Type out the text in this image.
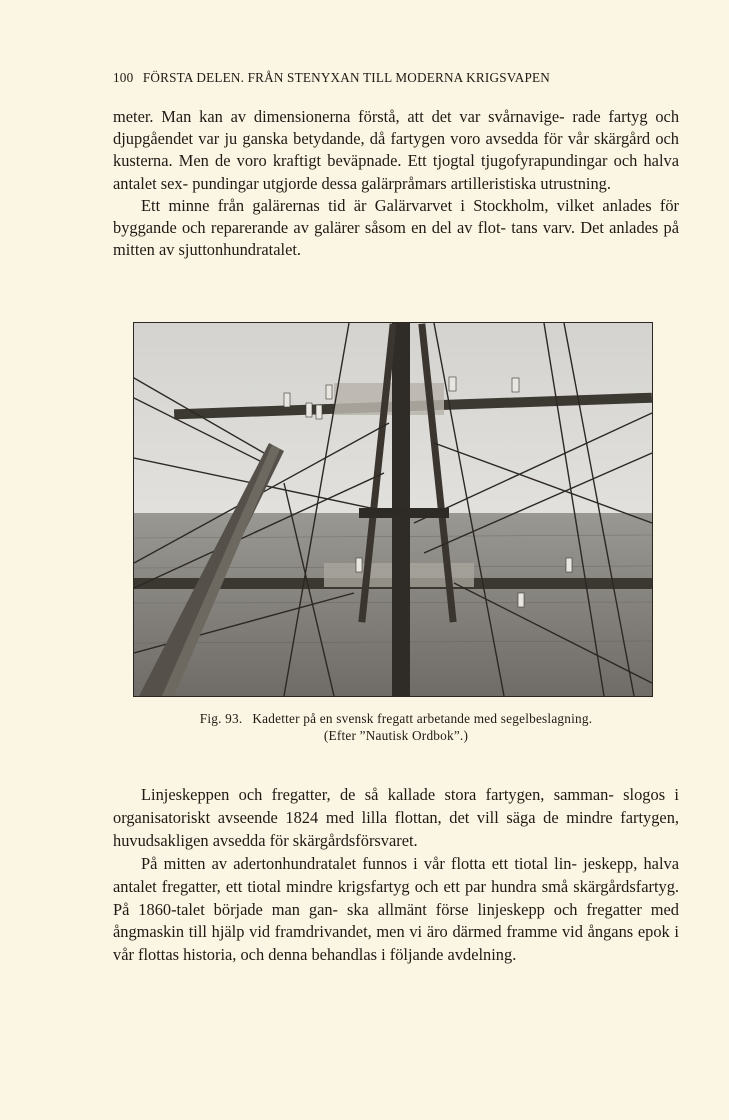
100 FÖRSTA DELEN. FRÅN STENYXAN TILL MODERNA KRIGSVAPEN

meter. Man kan av dimensionerna förstå, att det var svårnavige- rade fartyg och djupgåendet var ju ganska betydande, då fartygen voro avsedda för vår skärgård och kusterna. Men de voro kraftigt beväpnade. Ett tjogtal tjugofyrapundingar och halva antalet sex- pundingar utgjorde dessa galärpråmars artilleristiska utrustning.

Ett minne från galärernas tid är Galärvarvet i Stockholm, vilket anlades för byggande och reparerande av galärer såsom en del av flot- tans varv. Det anlades på mitten av sjuttonhundratalet.

Fig. 93. Kadetter på en svensk fregatt arbetande med segelbeslagning.
(Efter ”Nautisk Ordbok”.)

Linjeskeppen och fregatter, de så kallade stora fartygen, samman- slogos i organisatoriskt avseende 1824 med lilla flottan, det vill säga de mindre fartygen, huvudsakligen avsedda för skärgårdsförsvaret.

På mitten av adertonhundratalet funnos i vår flotta ett tiotal lin- jeskepp, halva antalet fregatter, ett tiotal mindre krigsfartyg och ett par hundra små skärgårdsfartyg. På 1860-talet började man gan- ska allmänt förse linjeskepp och fregatter med ångmaskin till hjälp vid framdrivandet, men vi äro därmed framme vid ångans epok i vår flottas historia, och denna behandlas i följande avdelning.
